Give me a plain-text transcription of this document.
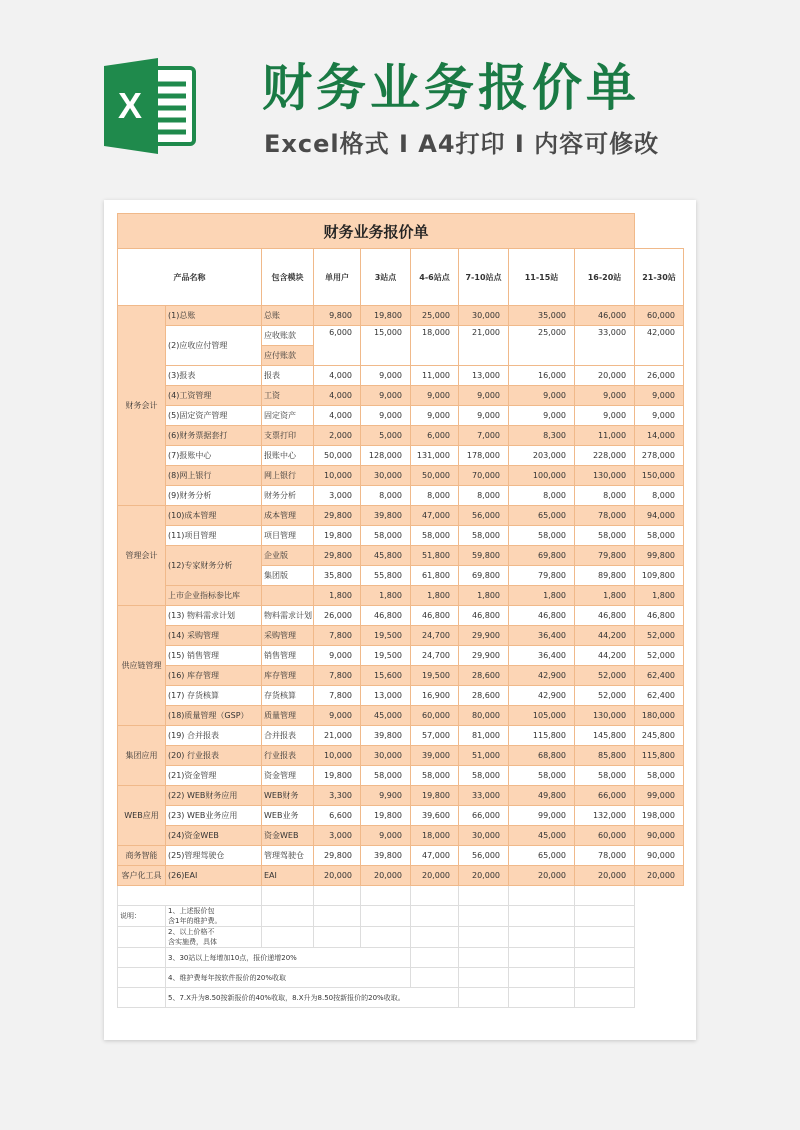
X 财务业务报价单
Excel格式 I A4打印 I 内容可修改
财务业务报价单									
产品名称		包含模块	单用户	3站点	4-6站点	7-10站点	11-15站	16-20站	21-30站
财务会计	(1)总账	总账	9,800	19,800	25,000	30,000	35,000	46,000	60,000
	(2)应收应付管理	应收账款	6,000	15,000	18,000	21,000	25,000	33,000	42,000
		应付账款							
	(3)报表	报表	4,000	9,000	11,000	13,000	16,000	20,000	26,000
	(4)工资管理	工资	4,000	9,000	9,000	9,000	9,000	9,000	9,000
	(5)固定资产管理	固定资产	4,000	9,000	9,000	9,000	9,000	9,000	9,000
	(6)财务票据套打	支票打印	2,000	5,000	6,000	7,000	8,300	11,000	14,000
	(7)报账中心	报账中心	50,000	128,000	131,000	178,000	203,000	228,000	278,000
	(8)网上银行	网上银行	10,000	30,000	50,000	70,000	100,000	130,000	150,000
	(9)财务分析	财务分析	3,000	8,000	8,000	8,000	8,000	8,000	8,000
管理会计	(10)成本管理	成本管理	29,800	39,800	47,000	56,000	65,000	78,000	94,000
	(11)项目管理	项目管理	19,800	58,000	58,000	58,000	58,000	58,000	58,000
	(12)专家财务分析	企业版	29,800	45,800	51,800	59,800	69,800	79,800	99,800
		集团版	35,800	55,800	61,800	69,800	79,800	89,800	109,800
	上市企业指标参比库		1,800	1,800	1,800	1,800	1,800	1,800	1,800
供应链管理	(13) 物料需求计划	物料需求计划	26,000	46,800	46,800	46,800	46,800	46,800	46,800
	(14) 采购管理	采购管理	7,800	19,500	24,700	29,900	36,400	44,200	52,000
	(15) 销售管理	销售管理	9,000	19,500	24,700	29,900	36,400	44,200	52,000
	(16) 库存管理	库存管理	7,800	15,600	19,500	28,600	42,900	52,000	62,400
	(17) 存货核算	存货核算	7,800	13,000	16,900	28,600	42,900	52,000	62,400
	(18)质量管理（GSP）	质量管理	9,000	45,000	60,000	80,000	105,000	130,000	180,000
集团应用	(19) 合并报表	合并报表	21,000	39,800	57,000	81,000	115,800	145,800	245,800
	(20) 行业报表	行业报表	10,000	30,000	39,000	51,000	68,800	85,800	115,800
	(21)资金管理	资金管理	19,800	58,000	58,000	58,000	58,000	58,000	58,000
WEB应用	(22) WEB财务应用	WEB财务	3,300	9,900	19,800	33,000	49,800	66,000	99,000
	(23) WEB业务应用	WEB业务	6,600	19,800	39,600	66,000	99,000	132,000	198,000
	(24)资金WEB	资金WEB	3,000	9,000	18,000	30,000	45,000	60,000	90,000
商务智能	(25)管理驾驶仓	管理驾驶仓	29,800	39,800	47,000	56,000	65,000	78,000	90,000
客户化工具	(26)EAI	EAI	20,000	20,000	20,000	20,000	20,000	20,000	20,000

说明：	1、上述报价包
含1年的维护费。								
	2、以上价格不
含实施费，具体								
	3、30站以上每增加10点，报价递增20%								
	4、维护费每年按软件报价的20%收取								
	5、7.X升为8.50按新报价的40%收取，8.X升为8.50按新报价的20%收取。								
